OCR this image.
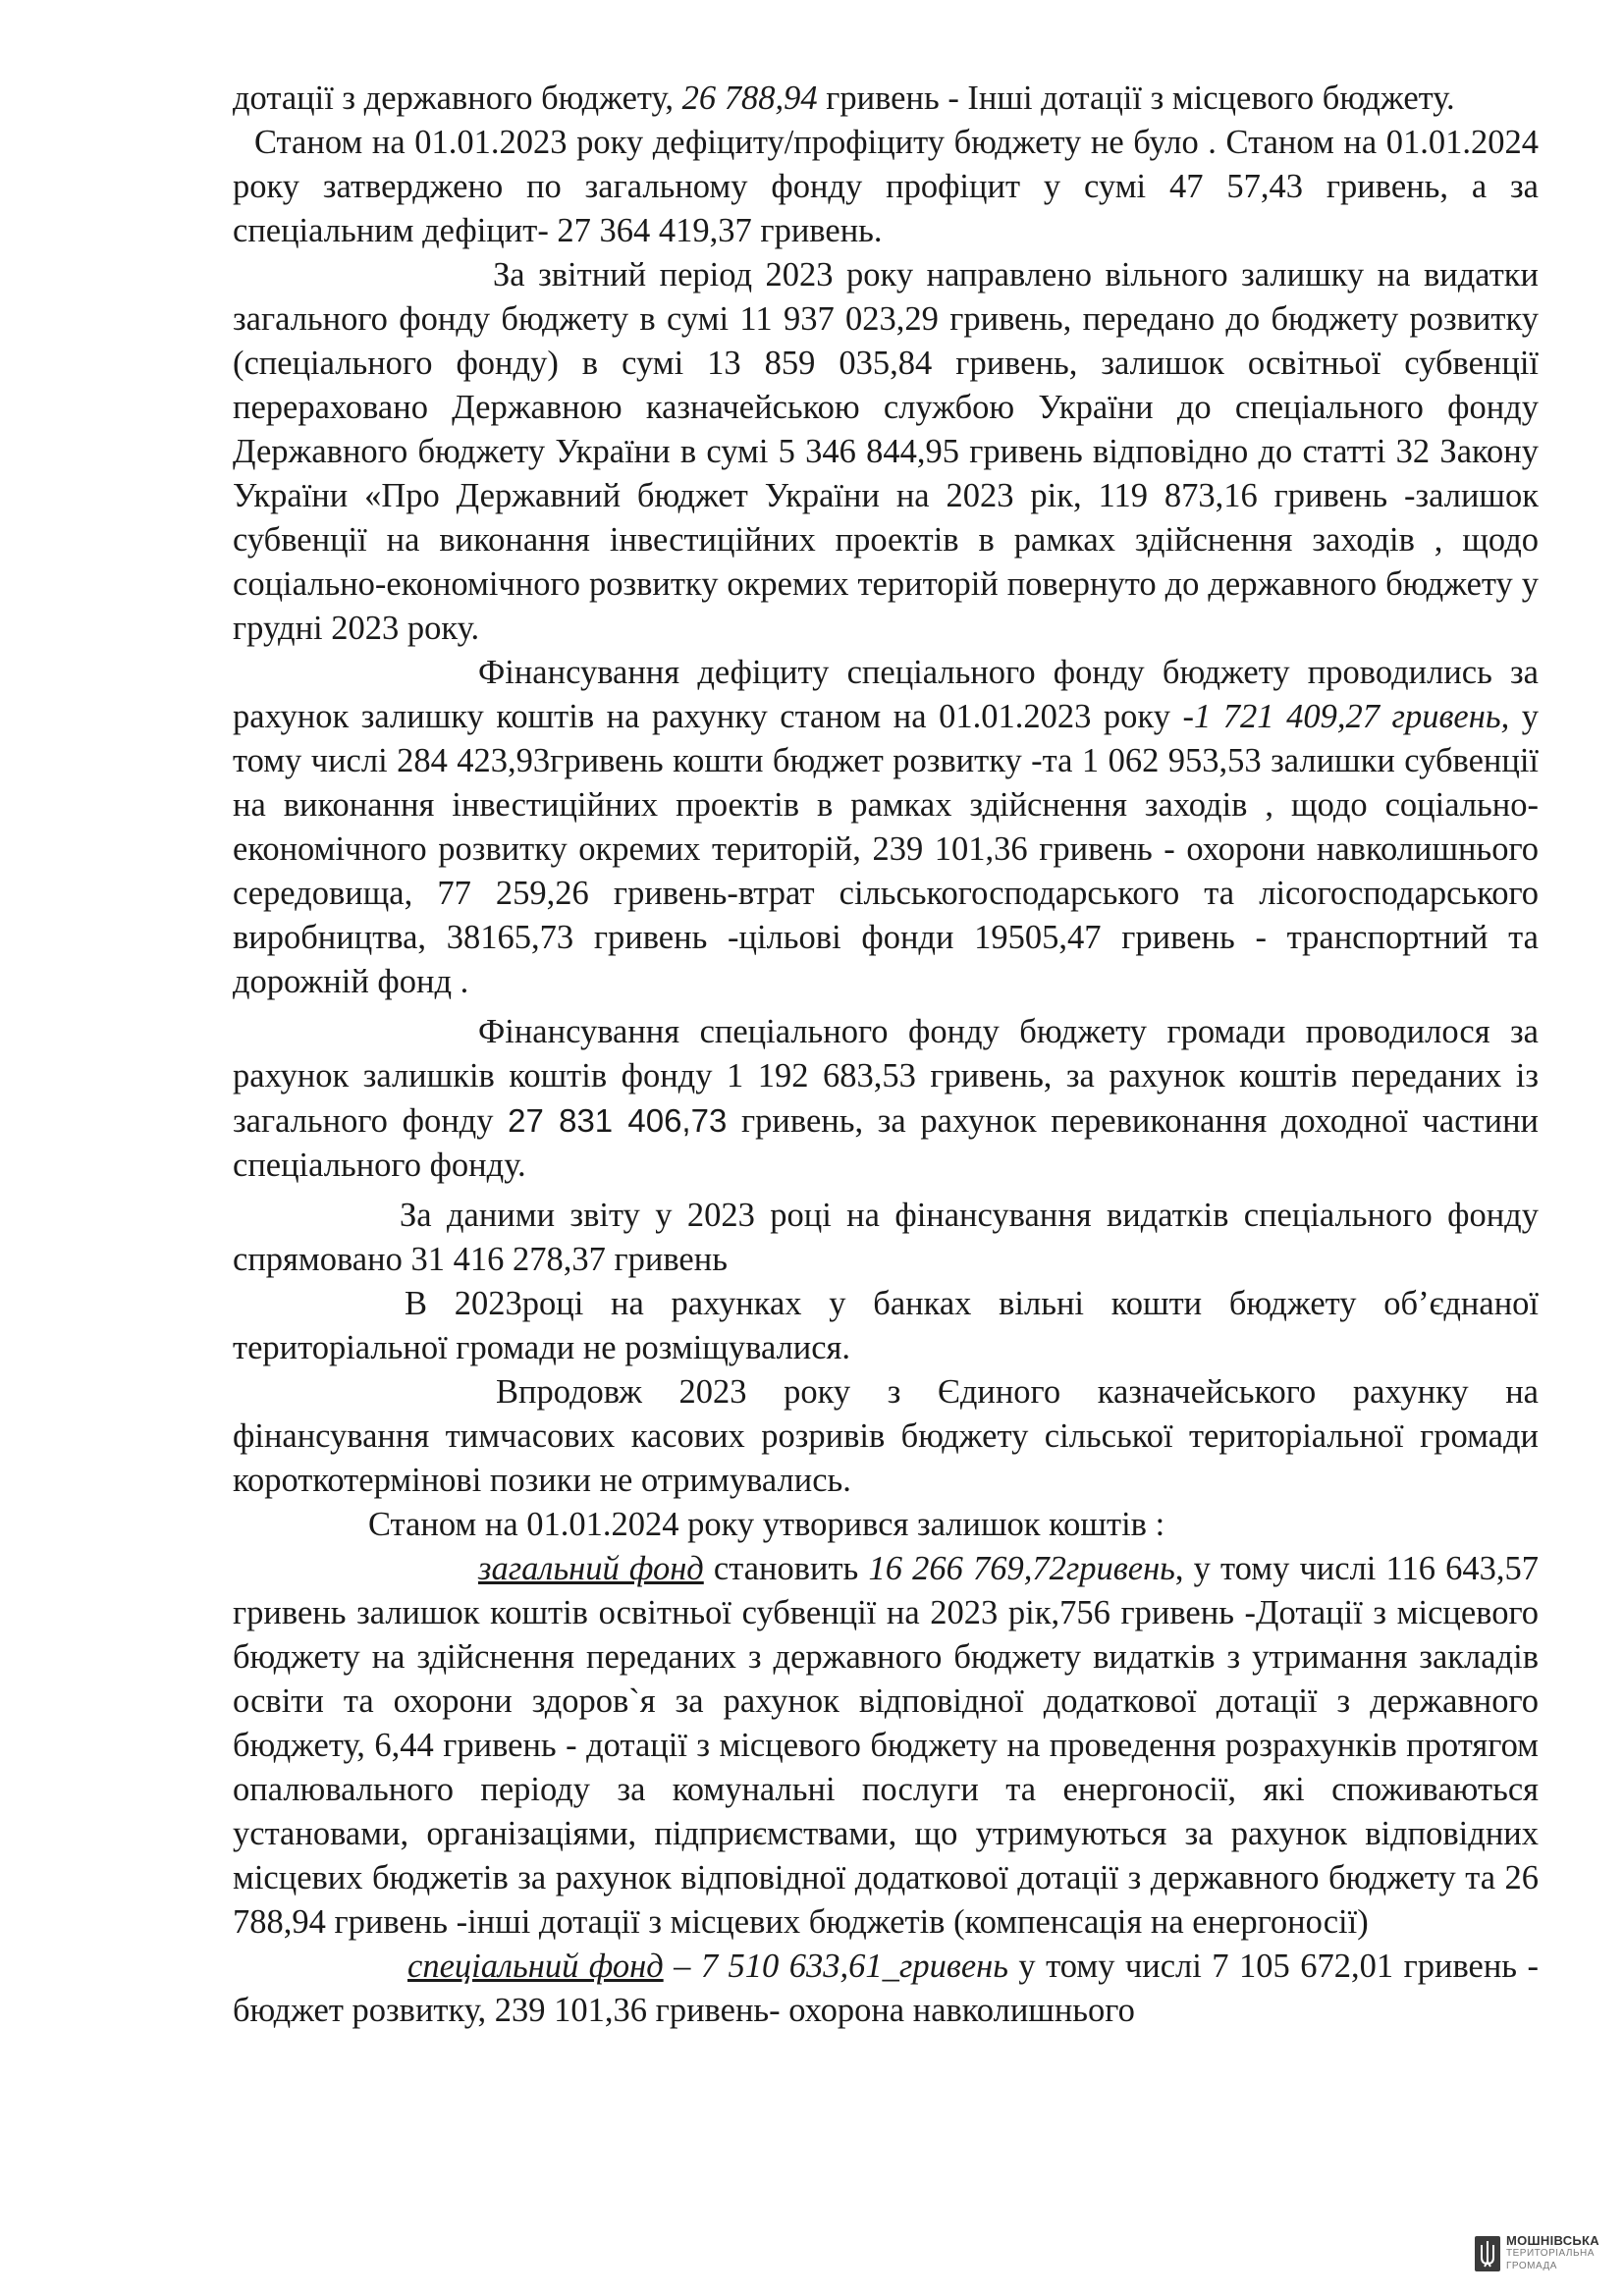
дотації з державного бюджету, 26 788,94 гривень - Інші дотації з місцевого бюджету.

Станом на 01.01.2023 року дефіциту/профіциту бюджету не було . Станом на 01.01.2024 року затверджено по загальному фонду профіцит у сумі 47 57,43 гривень, а за спеціальним дефіцит- 27 364 419,37 гривень.

За звітний період 2023 року направлено вільного залишку на видатки загального фонду бюджету в сумі 11 937 023,29 гривень, передано до бюджету розвитку (спеціального фонду) в сумі 13 859 035,84 гривень, залишок освітньої субвенції перераховано Державною казначейською службою України до спеціального фонду Державного бюджету України в сумі 5 346 844,95 гривень відповідно до статті 32 Закону України «Про Державний бюджет України на 2023 рік, 119 873,16 гривень -залишок субвенції на виконання інвестиційних проектів в рамках здійснення заходів , щодо соціально-економічного розвитку окремих територій повернуто до державного бюджету у грудні 2023 року.

Фінансування дефіциту спеціального фонду бюджету проводились за рахунок залишку коштів на рахунку станом на 01.01.2023 року -1 721 409,27 гривень, у тому числі 284 423,93гривень кошти бюджет розвитку -та 1 062 953,53 залишки субвенції на виконання інвестиційних проектів в рамках здійснення заходів , щодо соціально-економічного розвитку окремих територій, 239 101,36 гривень - охорони навколишнього середовища, 77 259,26 гривень-втрат сільськогосподарського та лісогосподарського виробництва, 38165,73 гривень -цільові фонди 19505,47 гривень - транспортний та дорожній фонд .

Фінансування спеціального фонду бюджету громади проводилося за рахунок залишків коштів фонду 1 192 683,53 гривень, за рахунок коштів переданих із загального фонду 27 831 406,73 гривень, за рахунок перевиконання доходної частини спеціального фонду.

За даними звіту у 2023 році на фінансування видатків спеціального фонду спрямовано 31 416 278,37 гривень

В 2023році на рахунках у банках вільні кошти бюджету об’єднаної територіальної громади не розміщувалися.

Впродовж 2023 року з Єдиного казначейського рахунку на фінансування тимчасових касових розривів бюджету сільської територіальної громади короткотермінові позики не отримувались.

Станом на 01.01.2024 року утворився залишок коштів :

загальний фонд становить 16 266 769,72гривень, у тому числі 116 643,57 гривень залишок коштів освітньої субвенції на 2023 рік,756 гривень -Дотації з місцевого бюджету на здійснення переданих з державного бюджету видатків з утримання закладів освіти та охорони здоров`я за рахунок відповідної додаткової дотації з державного бюджету, 6,44 гривень - дотації з місцевого бюджету на проведення розрахунків протягом опалювального періоду за комунальні послуги та енергоносії, які споживаються установами, організаціями, підприємствами, що утримуються за рахунок відповідних місцевих бюджетів за рахунок відповідної додаткової дотації з державного бюджету та 26 788,94 гривень -інші дотації з місцевих бюджетів (компенсація на енергоносії)

спеціальний фонд – 7 510 633,61_гривень у тому числі 7 105 672,01 гривень - бюджет розвитку, 239 101,36 гривень- охорона навколишнього

МОШНІВСЬКА
ТЕРИТОРІАЛЬНА
ГРОМАДА
